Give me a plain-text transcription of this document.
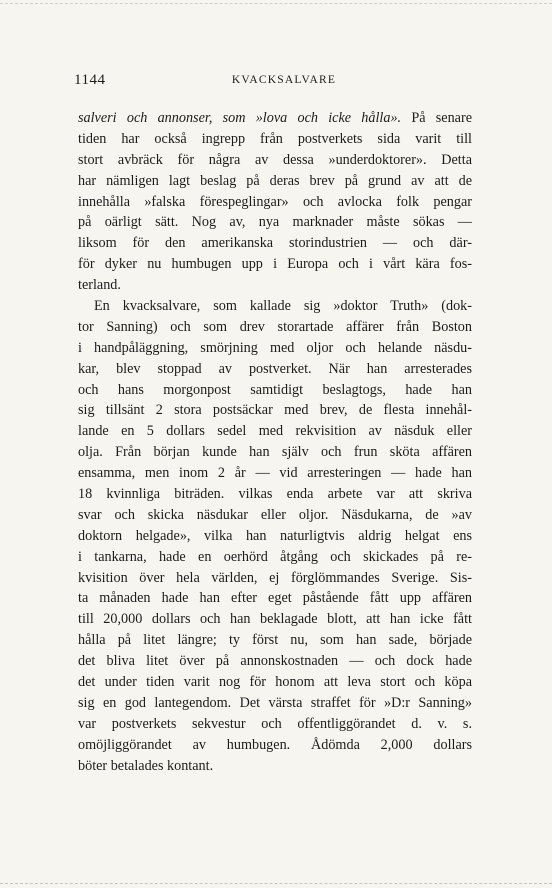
1144	KVACKSALVARE
salveri och annonser, som »lova och icke hålla». På senare
tiden har också ingrepp från postverkets sida varit till
stort avbräck för några av dessa »underdoktorer». Detta
har nämligen lagt beslag på deras brev på grund av att de
innehålla »falska förespeglingar» och avlocka folk pengar
på oärligt sätt. Nog av, nya marknader måste sökas —
liksom för den amerikanska storindustrien — och där-
för dyker nu humbugen upp i Europa och i vårt kära fos-
terland.
En kvacksalvare, som kallade sig »doktor Truth» (dok-
tor Sanning) och som drev storartade affärer från Boston
i handpåläggning, smörjning med oljor och helande näsdu-
kar, blev stoppad av postverket. När han arresterades
och hans morgonpost samtidigt beslagtogs, hade han
sig tillsänt 2 stora postsäckar med brev, de flesta innehål-
lande en 5 dollars sedel med rekvisition av näsduk eller
olja. Från början kunde han själv och frun sköta affären
ensamma, men inom 2 år — vid arresteringen — hade han
18 kvinnliga biträden. vilkas enda arbete var att skriva
svar och skicka näsdukar eller oljor. Näsdukarna, de »av
doktorn helgade», vilka han naturligtvis aldrig helgat ens
i tankarna, hade en oerhörd åtgång och skickades på re-
kvisition över hela världen, ej förglömmandes Sverige. Sis-
ta månaden hade han efter eget påstående fått upp affären
till 20,000 dollars och han beklagade blott, att han icke fått
hålla på litet längre; ty först nu, som han sade, började
det bliva litet över på annonskostnaden — och dock hade
det under tiden varit nog för honom att leva stort och köpa
sig en god lantegendom. Det värsta straffet för »D:r Sanning»
var postverkets sekvestur och offentliggörandet d. v. s.
omöjliggörandet av humbugen. Ådömda 2,000 dollars
böter betalades kontant.
